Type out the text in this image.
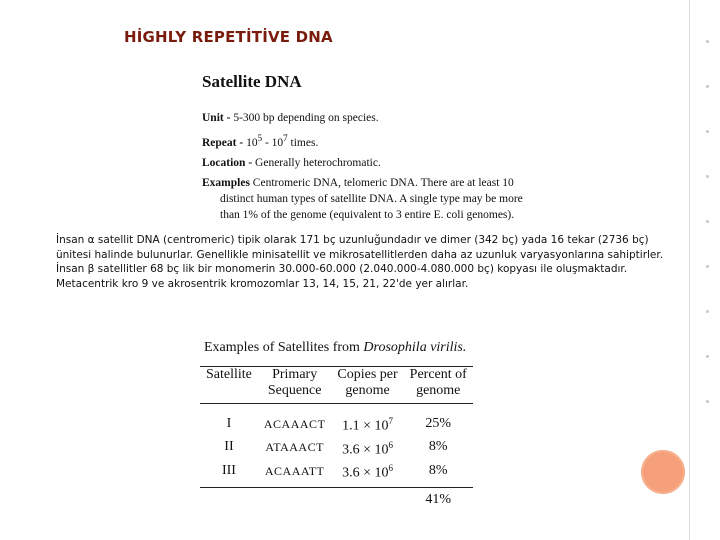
HİGHLY REPETİTİVE DNA
Satellite DNA
Unit - 5-300 bp depending on species.
Repeat - $10^5 - 10^7$ times.
Location - Generally heterochromatic.
Examples Centromeric DNA, telomeric DNA. There are at least 10
distinct human types of satellite DNA. A single type may be more
than 1% of the genome (equivalent to 3 entire E. coli genomes).

İnsan α satellit DNA (centromeric) tipik olarak 171 bç uzunluğundadır ve dimer (342 bç) yada 16 tekar (2736 bç) ünitesi halinde bulunurlar. Genellikle minisatellit ve mikrosatellitlerden daha az uzunluk varyasyonlarına sahiptirler.

İnsan β satellitler 68 bç lik bir monomerin 30.000-60.000 (2.040.000-4.080.000 bç) kopyası ile oluşmaktadır. Metacentrik kro 9 ve akrosentrik kromozomlar 13, 14, 15, 21, 22'de yer alırlar.

Examples of Satellites from Drosophila virilis.
Satellite	Primary	Copies per	Percent of
	Sequence	genome	genome
I	ACAAACT	$1.1 \times 10^7$	25%
II	ATAAACT	$3.6 \times 10^6$	8%
III	ACAAATT	$3.6 \times 10^6$	8%
			41%
